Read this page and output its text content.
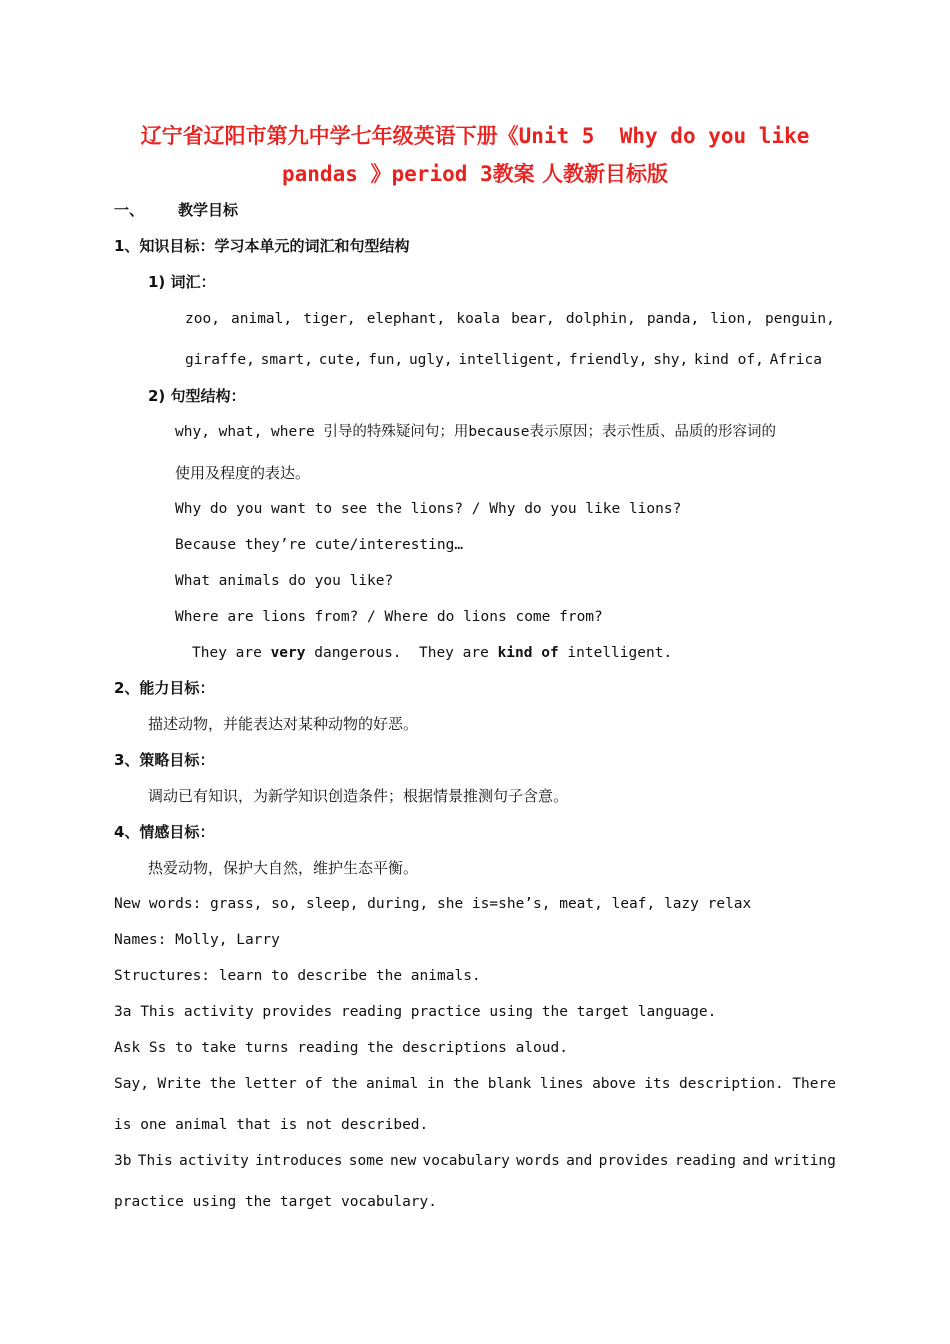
辽宁省辽阳市第九中学七年级英语下册《Unit 5  Why do you like
pandas 》period 3教案 人教新目标版
一、 教学目标
1、知识目标：学习本单元的词汇和句型结构
1) 词汇：
zoo, animal, tiger, elephant, koala bear, dolphin, panda, lion, penguin,
giraffe, smart, cute, fun, ugly, intelligent, friendly, shy, kind of, Africa
2) 句型结构：
why, what, where 引导的特殊疑问句；用because表示原因；表示性质、品质的形容词的
使用及程度的表达。
Why do you want to see the lions? / Why do you like lions?
Because they’re cute/interesting…
What animals do you like?
Where are lions from? / Where do lions come from?
They are very dangerous.  They are kind of intelligent.
2、能力目标：
描述动物，并能表达对某种动物的好恶。
3、策略目标：
调动已有知识，为新学知识创造条件；根据情景推测句子含意。
4、情感目标：
热爱动物，保护大自然，维护生态平衡。
New words: grass, so, sleep, during, she is=she’s, meat, leaf, lazy relax
Names: Molly, Larry
Structures: learn to describe the animals.
3a This activity provides reading practice using the target language.
Ask Ss to take turns reading the descriptions aloud.
Say, Write the letter of the animal in the blank lines above its description. There
is one animal that is not described.
3b This activity introduces some new vocabulary words and provides reading and writing
practice using the target vocabulary.
